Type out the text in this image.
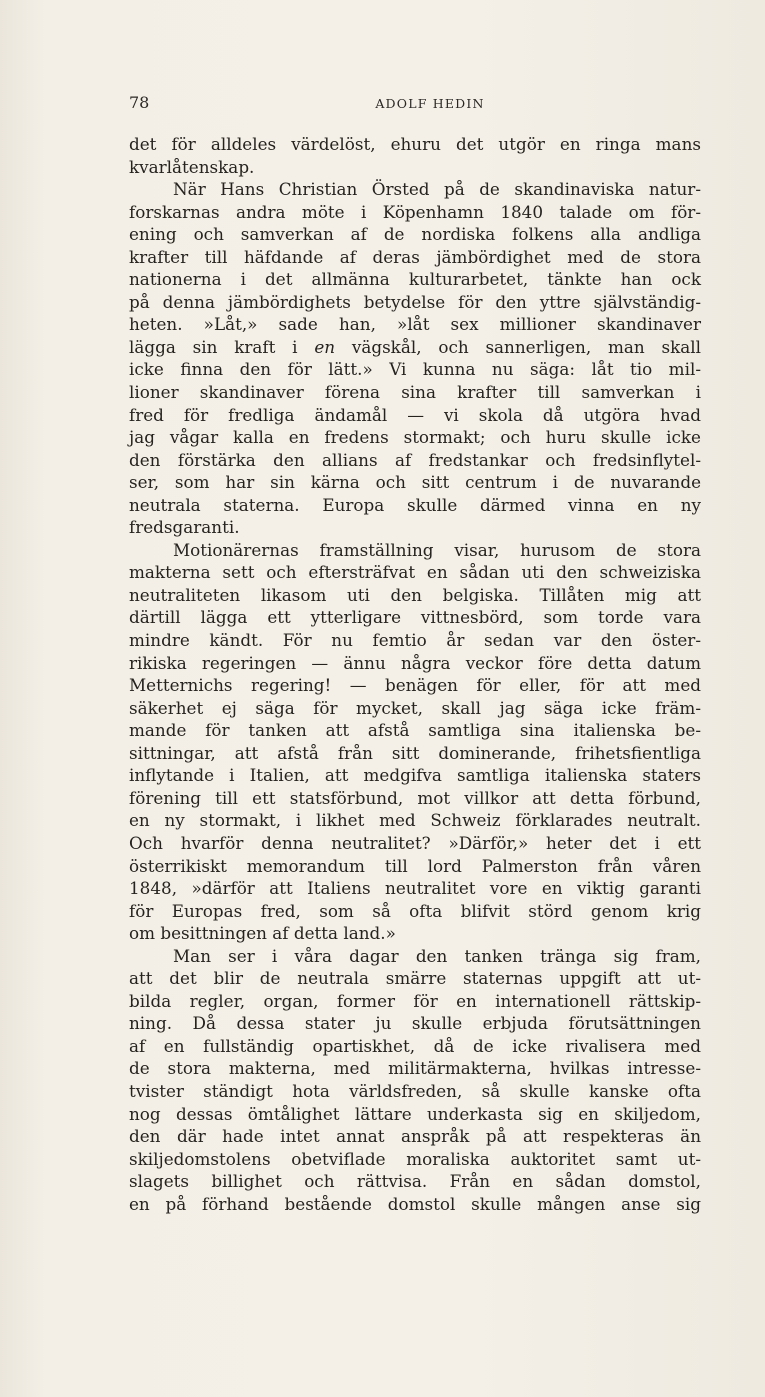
78	ADOLF HEDIN
det för alldeles värdelöst, ehuru det utgör en ringa mans
kvarlåtenskap.
När Hans Christian Örsted på de skandinaviska natur-
forskarnas andra möte i Köpenhamn 1840 talade om för-
ening och samverkan af de nordiska folkens alla andliga
krafter till häfdande af deras jämbördighet med de stora
nationerna i det allmänna kulturarbetet, tänkte han ock
på denna jämbördighets betydelse för den yttre självständig-
heten. »Låt,» sade han, »låt sex millioner skandinaver
lägga sin kraft i en vägskål, och sannerligen, man skall
icke finna den för lätt.» Vi kunna nu säga: låt tio mil-
lioner skandinaver förena sina krafter till samverkan i
fred för fredliga ändamål — vi skola då utgöra hvad
jag vågar kalla en fredens stormakt; och huru skulle icke
den förstärka den allians af fredstankar och fredsinflytel-
ser, som har sin kärna och sitt centrum i de nuvarande
neutrala staterna. Europa skulle därmed vinna en ny
fredsgaranti.
Motionärernas framställning visar, hurusom de stora
makterna sett och eftersträfvat en sådan uti den schweiziska
neutraliteten likasom uti den belgiska. Tillåten mig att
därtill lägga ett ytterligare vittnesbörd, som torde vara
mindre kändt. För nu femtio år sedan var den öster-
rikiska regeringen — ännu några veckor före detta datum
Metternichs regering! — benägen för eller, för att med
säkerhet ej säga för mycket, skall jag säga icke främ-
mande för tanken att afstå samtliga sina italienska be-
sittningar, att afstå från sitt dominerande, frihetsfientliga
inflytande i Italien, att medgifva samtliga italienska staters
förening till ett statsförbund, mot villkor att detta förbund,
en ny stormakt, i likhet med Schweiz förklarades neutralt.
Och hvarför denna neutralitet? »Därför,» heter det i ett
österrikiskt memorandum till lord Palmerston från våren
1848, »därför att Italiens neutralitet vore en viktig garanti
för Europas fred, som så ofta blifvit störd genom krig
om besittningen af detta land.»
Man ser i våra dagar den tanken tränga sig fram,
att det blir de neutrala smärre staternas uppgift att ut-
bilda regler, organ, former för en internationell rättskip-
ning. Då dessa stater ju skulle erbjuda förutsättningen
af en fullständig opartiskhet, då de icke rivalisera med
de stora makterna, med militärmakterna, hvilkas intresse-
tvister ständigt hota världsfreden, så skulle kanske ofta
nog dessas ömtålighet lättare underkasta sig en skiljedom,
den där hade intet annat anspråk på att respekteras än
skiljedomstolens obetviflade moraliska auktoritet samt ut-
slagets billighet och rättvisa. Från en sådan domstol,
en på förhand bestående domstol skulle mången anse sig
